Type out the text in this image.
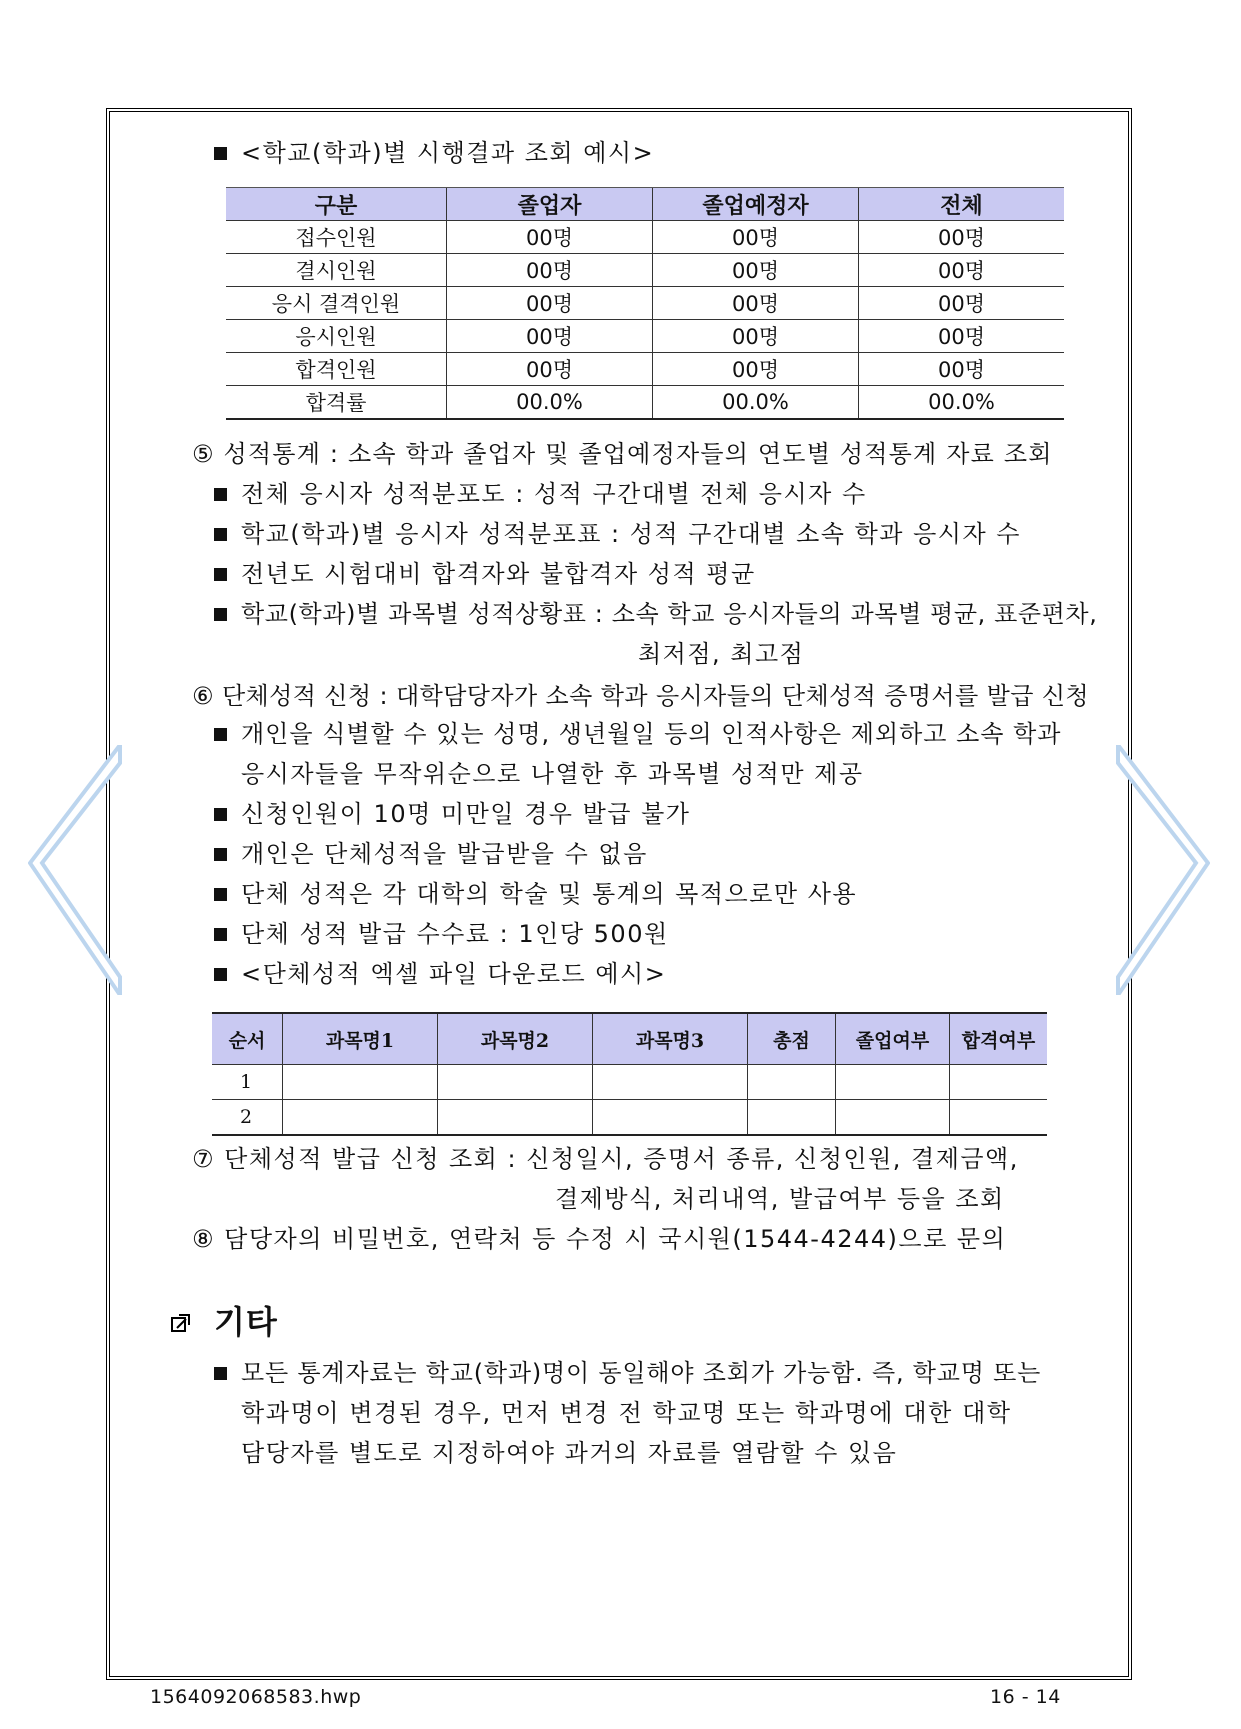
<학교(학과)별 시행결과 조회 예시>
구분	졸업자	졸업예정자	전체
접수인원	00명	00명	00명
결시인원	00명	00명	00명
응시 결격인원	00명	00명	00명
응시인원	00명	00명	00명
합격인원	00명	00명	00명
합격률	00.0%	00.0%	00.0%
⑤ 성적통계 : 소속 학과 졸업자 및 졸업예정자들의 연도별 성적통계 자료 조회
전체 응시자 성적분포도 : 성적 구간대별 전체 응시자 수
학교(학과)별 응시자 성적분포표 : 성적 구간대별 소속 학과 응시자 수
전년도 시험대비 합격자와 불합격자 성적 평균
학교(학과)별 과목별 성적상황표 : 소속 학교 응시자들의 과목별 평균, 표준편차,
최저점, 최고점
⑥ 단체성적 신청 : 대학담당자가 소속 학과 응시자들의 단체성적 증명서를 발급 신청
개인을 식별할 수 있는 성명, 생년월일 등의 인적사항은 제외하고 소속 학과
응시자들을 무작위순으로 나열한 후 과목별 성적만 제공
신청인원이 10명 미만일 경우 발급 불가
개인은 단체성적을 발급받을 수 없음
단체 성적은 각 대학의 학술 및 통계의 목적으로만 사용
단체 성적 발급 수수료 : 1인당 500원
<단체성적 엑셀 파일 다운로드 예시>
순서	과목명1	과목명2	과목명3	총점	졸업여부	합격여부
1						
2						
⑦ 단체성적 발급 신청 조회 : 신청일시, 증명서 종류, 신청인원, 결제금액,
결제방식, 처리내역, 발급여부 등을 조회
⑧ 담당자의 비밀번호, 연락처 등 수정 시 국시원(1544-4244)으로 문의
기타
모든 통계자료는 학교(학과)명이 동일해야 조회가 가능함. 즉, 학교명 또는
학과명이 변경된 경우, 먼저 변경 전 학교명 또는 학과명에 대한 대학
담당자를 별도로 지정하여야 과거의 자료를 열람할 수 있음
1564092068583.hwp	16 - 14
